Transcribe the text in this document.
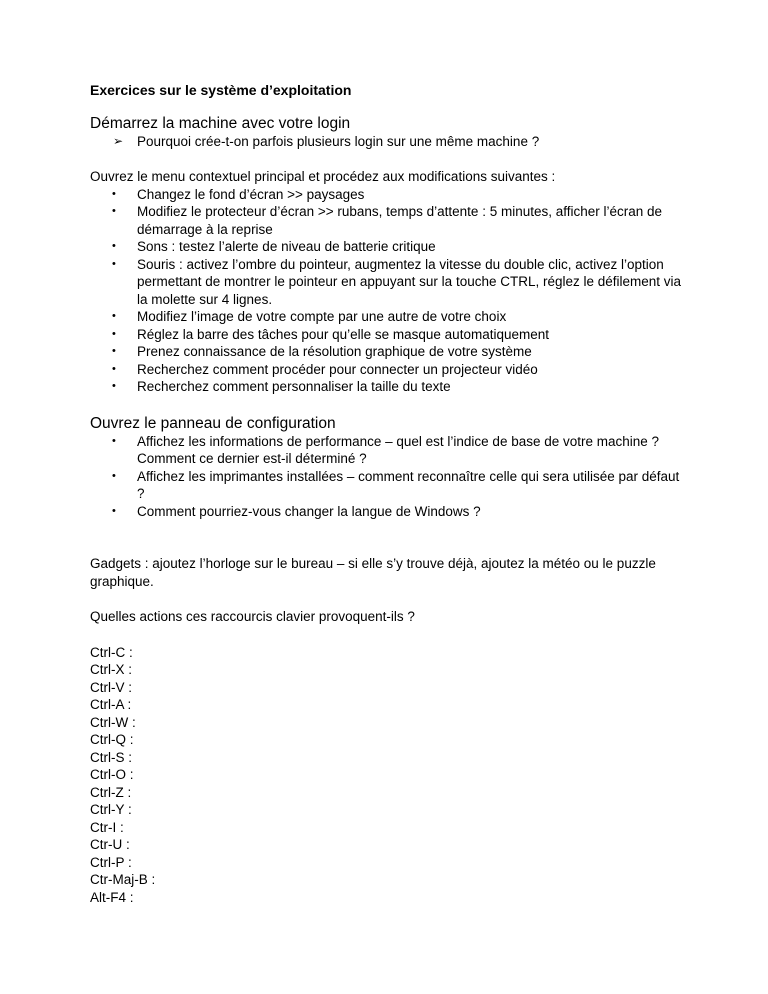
Exercices sur le système d’exploitation
Démarrez la machine avec votre login
➢ Pourquoi crée-t-on parfois plusieurs login sur une même machine ?

Ouvrez le menu contextuel principal et procédez aux modifications suivantes :

• Changez le fond d’écran >> paysages
• Modifiez le protecteur d’écran >> rubans, temps d’attente : 5 minutes, afficher l’écran de démarrage à la reprise
• Sons : testez l’alerte de niveau de batterie critique
• Souris : activez l’ombre du pointeur, augmentez la vitesse du double clic, activez l’option permettant de montrer le pointeur en appuyant sur la touche CTRL, réglez le défilement via la molette sur 4 lignes.
• Modifiez l’image de votre compte par une autre de votre choix
• Réglez la barre des tâches pour qu’elle se masque automatiquement
• Prenez connaissance de la résolution graphique de votre système
• Recherchez comment procéder pour connecter un projecteur vidéo
• Recherchez comment personnaliser la taille du texte
Ouvrez le panneau de configuration
• Affichez les informations de performance – quel est l’indice de base de votre machine ? Comment ce dernier est-il déterminé ?
• Affichez les imprimantes installées – comment reconnaître celle qui sera utilisée par défaut ?
• Comment pourriez-vous changer la langue de Windows ?

Gadgets : ajoutez l’horloge sur le bureau – si elle s’y trouve déjà, ajoutez la météo ou le puzzle graphique.

Quelles actions ces raccourcis clavier provoquent-ils ?

Ctrl-C :
Ctrl-X :
Ctrl-V :
Ctrl-A :
Ctrl-W :
Ctrl-Q :
Ctrl-S :
Ctrl-O :
Ctrl-Z :
Ctrl-Y :
Ctr-I :
Ctr-U :
Ctrl-P :
Ctr-Maj-B :
Alt-F4 :
